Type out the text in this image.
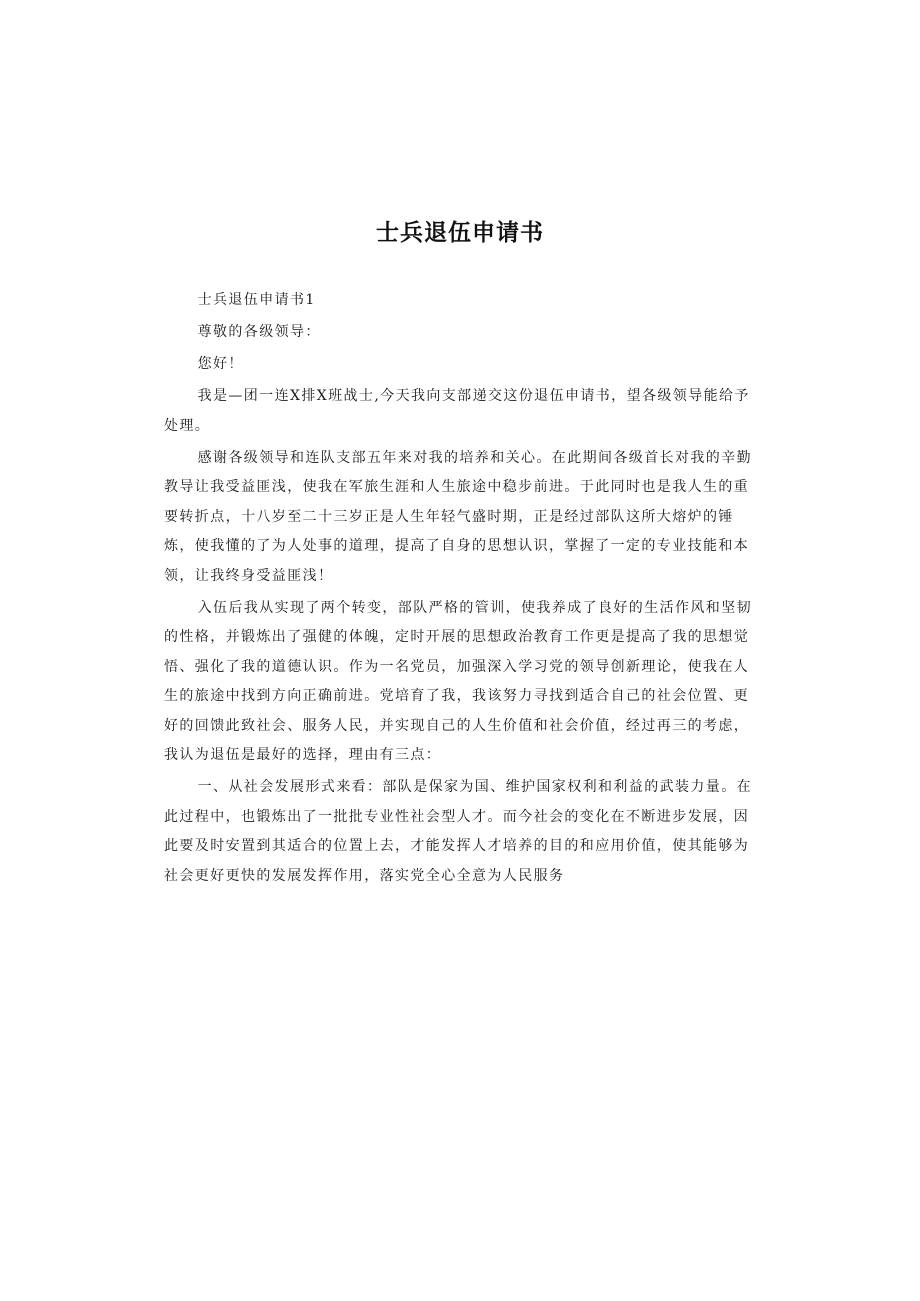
士兵退伍申请书

士兵退伍申请书1

尊敬的各级领导：

您好！

我是—团一连X排X班战士,今天我向支部递交这份退伍申请书，望各级领导能给予处理。

感谢各级领导和连队支部五年来对我的培养和关心。在此期间各级首长对我的辛勤教导让我受益匪浅，使我在军旅生涯和人生旅途中稳步前进。于此同时也是我人生的重要转折点，十八岁至二十三岁正是人生年轻气盛时期，正是经过部队这所大熔炉的锤炼，使我懂的了为人处事的道理，提高了自身的思想认识，掌握了一定的专业技能和本领，让我终身受益匪浅！

入伍后我从实现了两个转变，部队严格的管训，使我养成了良好的生活作风和坚韧的性格，并锻炼出了强健的体魄，定时开展的思想政治教育工作更是提高了我的思想觉悟、强化了我的道德认识。作为一名党员，加强深入学习党的领导创新理论，使我在人生的旅途中找到方向正确前进。党培育了我，我该努力寻找到适合自己的社会位置、更好的回馈此致社会、服务人民，并实现自己的人生价值和社会价值，经过再三的考虑，我认为退伍是最好的选择，理由有三点：

一、从社会发展形式来看：部队是保家为国、维护国家权利和利益的武装力量。在此过程中，也锻炼出了一批批专业性社会型人才。而今社会的变化在不断进步发展，因此要及时安置到其适合的位置上去，才能发挥人才培养的目的和应用价值，使其能够为社会更好更快的发展发挥作用，落实党全心全意为人民服务
